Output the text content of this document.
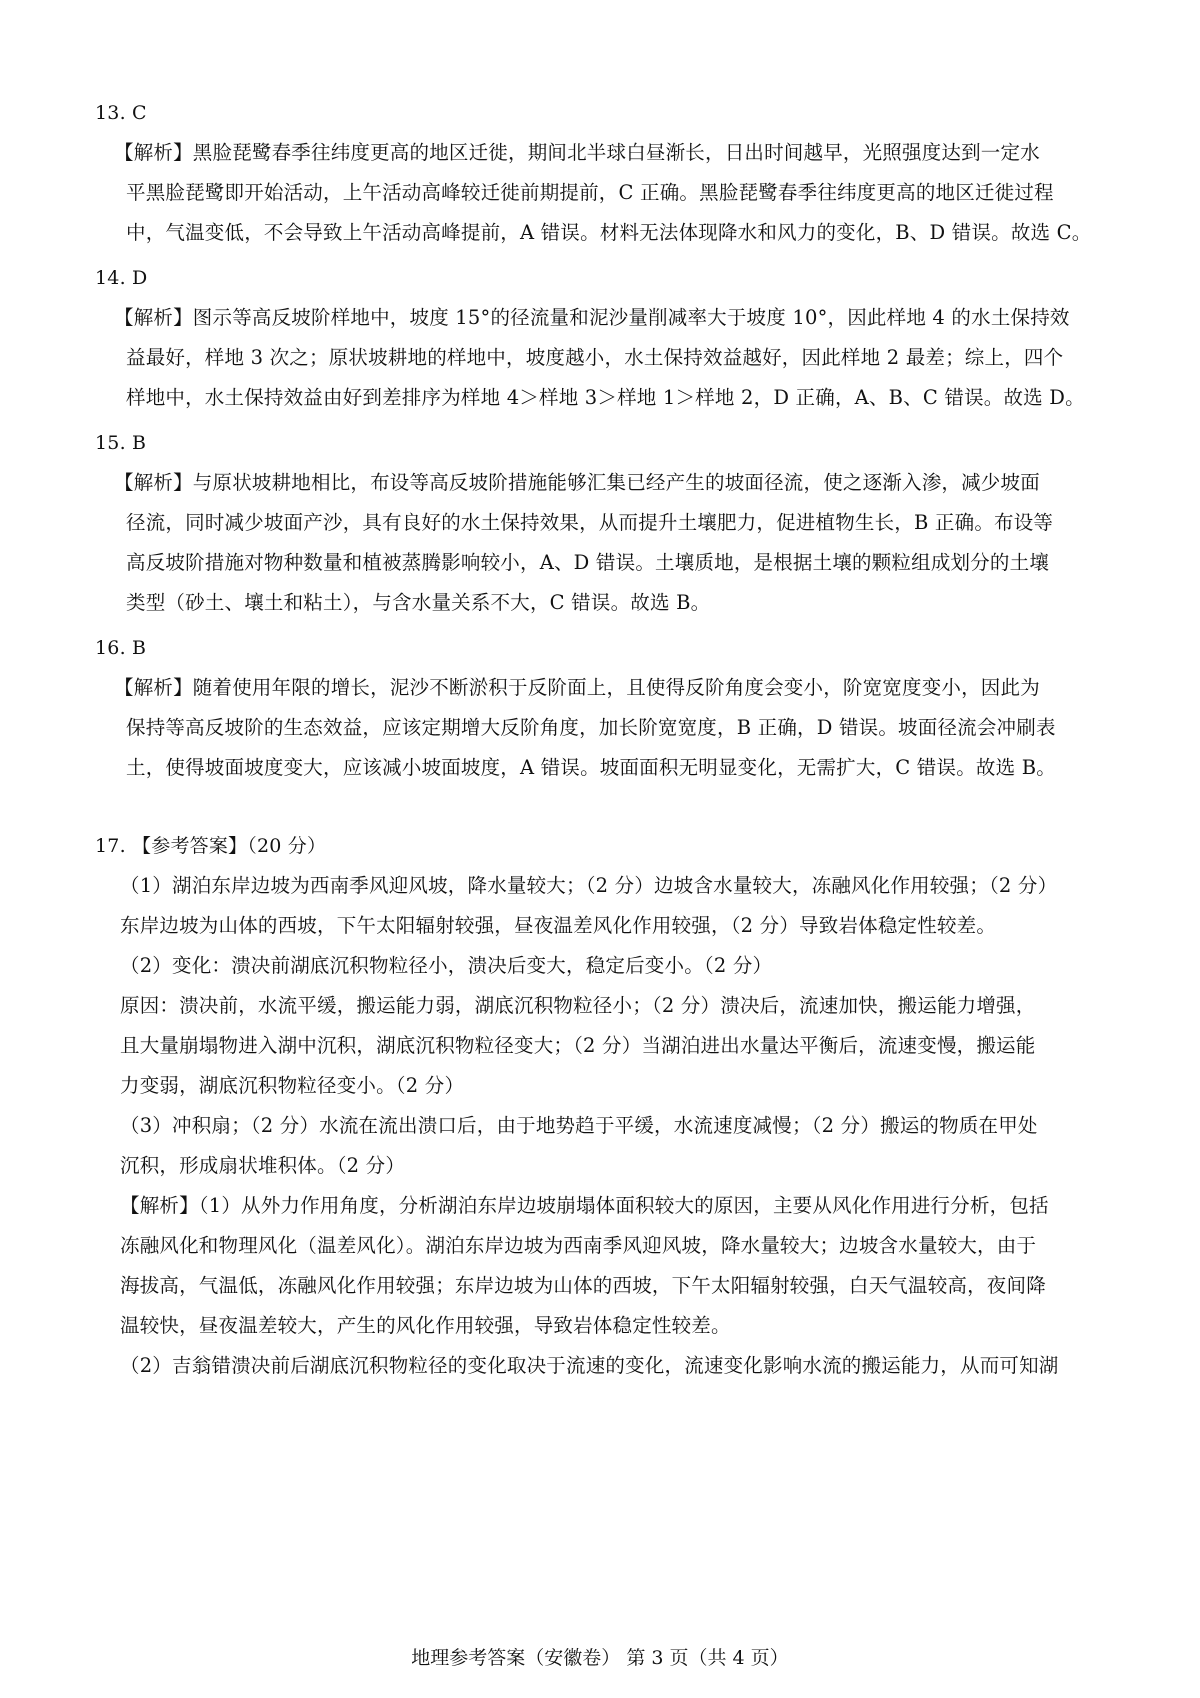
13. C
【解析】黑脸琵鹭春季往纬度更高的地区迁徙，期间北半球白昼渐长，日出时间越早，光照强度达到一定水
平黑脸琵鹭即开始活动，上午活动高峰较迁徙前期提前，C 正确。黑脸琵鹭春季往纬度更高的地区迁徙过程
中，气温变低，不会导致上午活动高峰提前，A 错误。材料无法体现降水和风力的变化，B、D 错误。故选 C。
14. D
【解析】图示等高反坡阶样地中，坡度 15°的径流量和泥沙量削减率大于坡度 10°，因此样地 4 的水土保持效
益最好，样地 3 次之；原状坡耕地的样地中，坡度越小，水土保持效益越好，因此样地 2 最差；综上，四个
样地中，水土保持效益由好到差排序为样地 4＞样地 3＞样地 1＞样地 2，D 正确，A、B、C 错误。故选 D。
15. B
【解析】与原状坡耕地相比，布设等高反坡阶措施能够汇集已经产生的坡面径流，使之逐渐入渗，减少坡面
径流，同时减少坡面产沙，具有良好的水土保持效果，从而提升土壤肥力，促进植物生长，B 正确。布设等
高反坡阶措施对物种数量和植被蒸腾影响较小，A、D 错误。土壤质地，是根据土壤的颗粒组成划分的土壤
类型（砂土、壤土和粘土），与含水量关系不大，C 错误。故选 B。
16. B
【解析】随着使用年限的增长，泥沙不断淤积于反阶面上，且使得反阶角度会变小，阶宽宽度变小，因此为
保持等高反坡阶的生态效益，应该定期增大反阶角度，加长阶宽宽度，B 正确，D 错误。坡面径流会冲刷表
土，使得坡面坡度变大，应该减小坡面坡度，A 错误。坡面面积无明显变化，无需扩大，C 错误。故选 B。
17. 【参考答案】（20 分）
（1）湖泊东岸边坡为西南季风迎风坡，降水量较大；（2 分）边坡含水量较大，冻融风化作用较强；（2 分）
东岸边坡为山体的西坡，下午太阳辐射较强，昼夜温差风化作用较强，（2 分）导致岩体稳定性较差。
（2）变化：溃决前湖底沉积物粒径小，溃决后变大，稳定后变小。（2 分）
原因：溃决前，水流平缓，搬运能力弱，湖底沉积物粒径小；（2 分）溃决后，流速加快，搬运能力增强，
且大量崩塌物进入湖中沉积，湖底沉积物粒径变大；（2 分）当湖泊进出水量达平衡后，流速变慢，搬运能
力变弱，湖底沉积物粒径变小。（2 分）
（3）冲积扇；（2 分）水流在流出溃口后，由于地势趋于平缓，水流速度减慢；（2 分）搬运的物质在甲处
沉积，形成扇状堆积体。（2 分）
【解析】（1）从外力作用角度，分析湖泊东岸边坡崩塌体面积较大的原因，主要从风化作用进行分析，包括
冻融风化和物理风化（温差风化）。湖泊东岸边坡为西南季风迎风坡，降水量较大；边坡含水量较大，由于
海拔高，气温低，冻融风化作用较强；东岸边坡为山体的西坡，下午太阳辐射较强，白天气温较高，夜间降
温较快，昼夜温差较大，产生的风化作用较强，导致岩体稳定性较差。
（2）吉翁错溃决前后湖底沉积物粒径的变化取决于流速的变化，流速变化影响水流的搬运能力，从而可知湖
地理参考答案（安徽卷） 第 3 页（共 4 页）
